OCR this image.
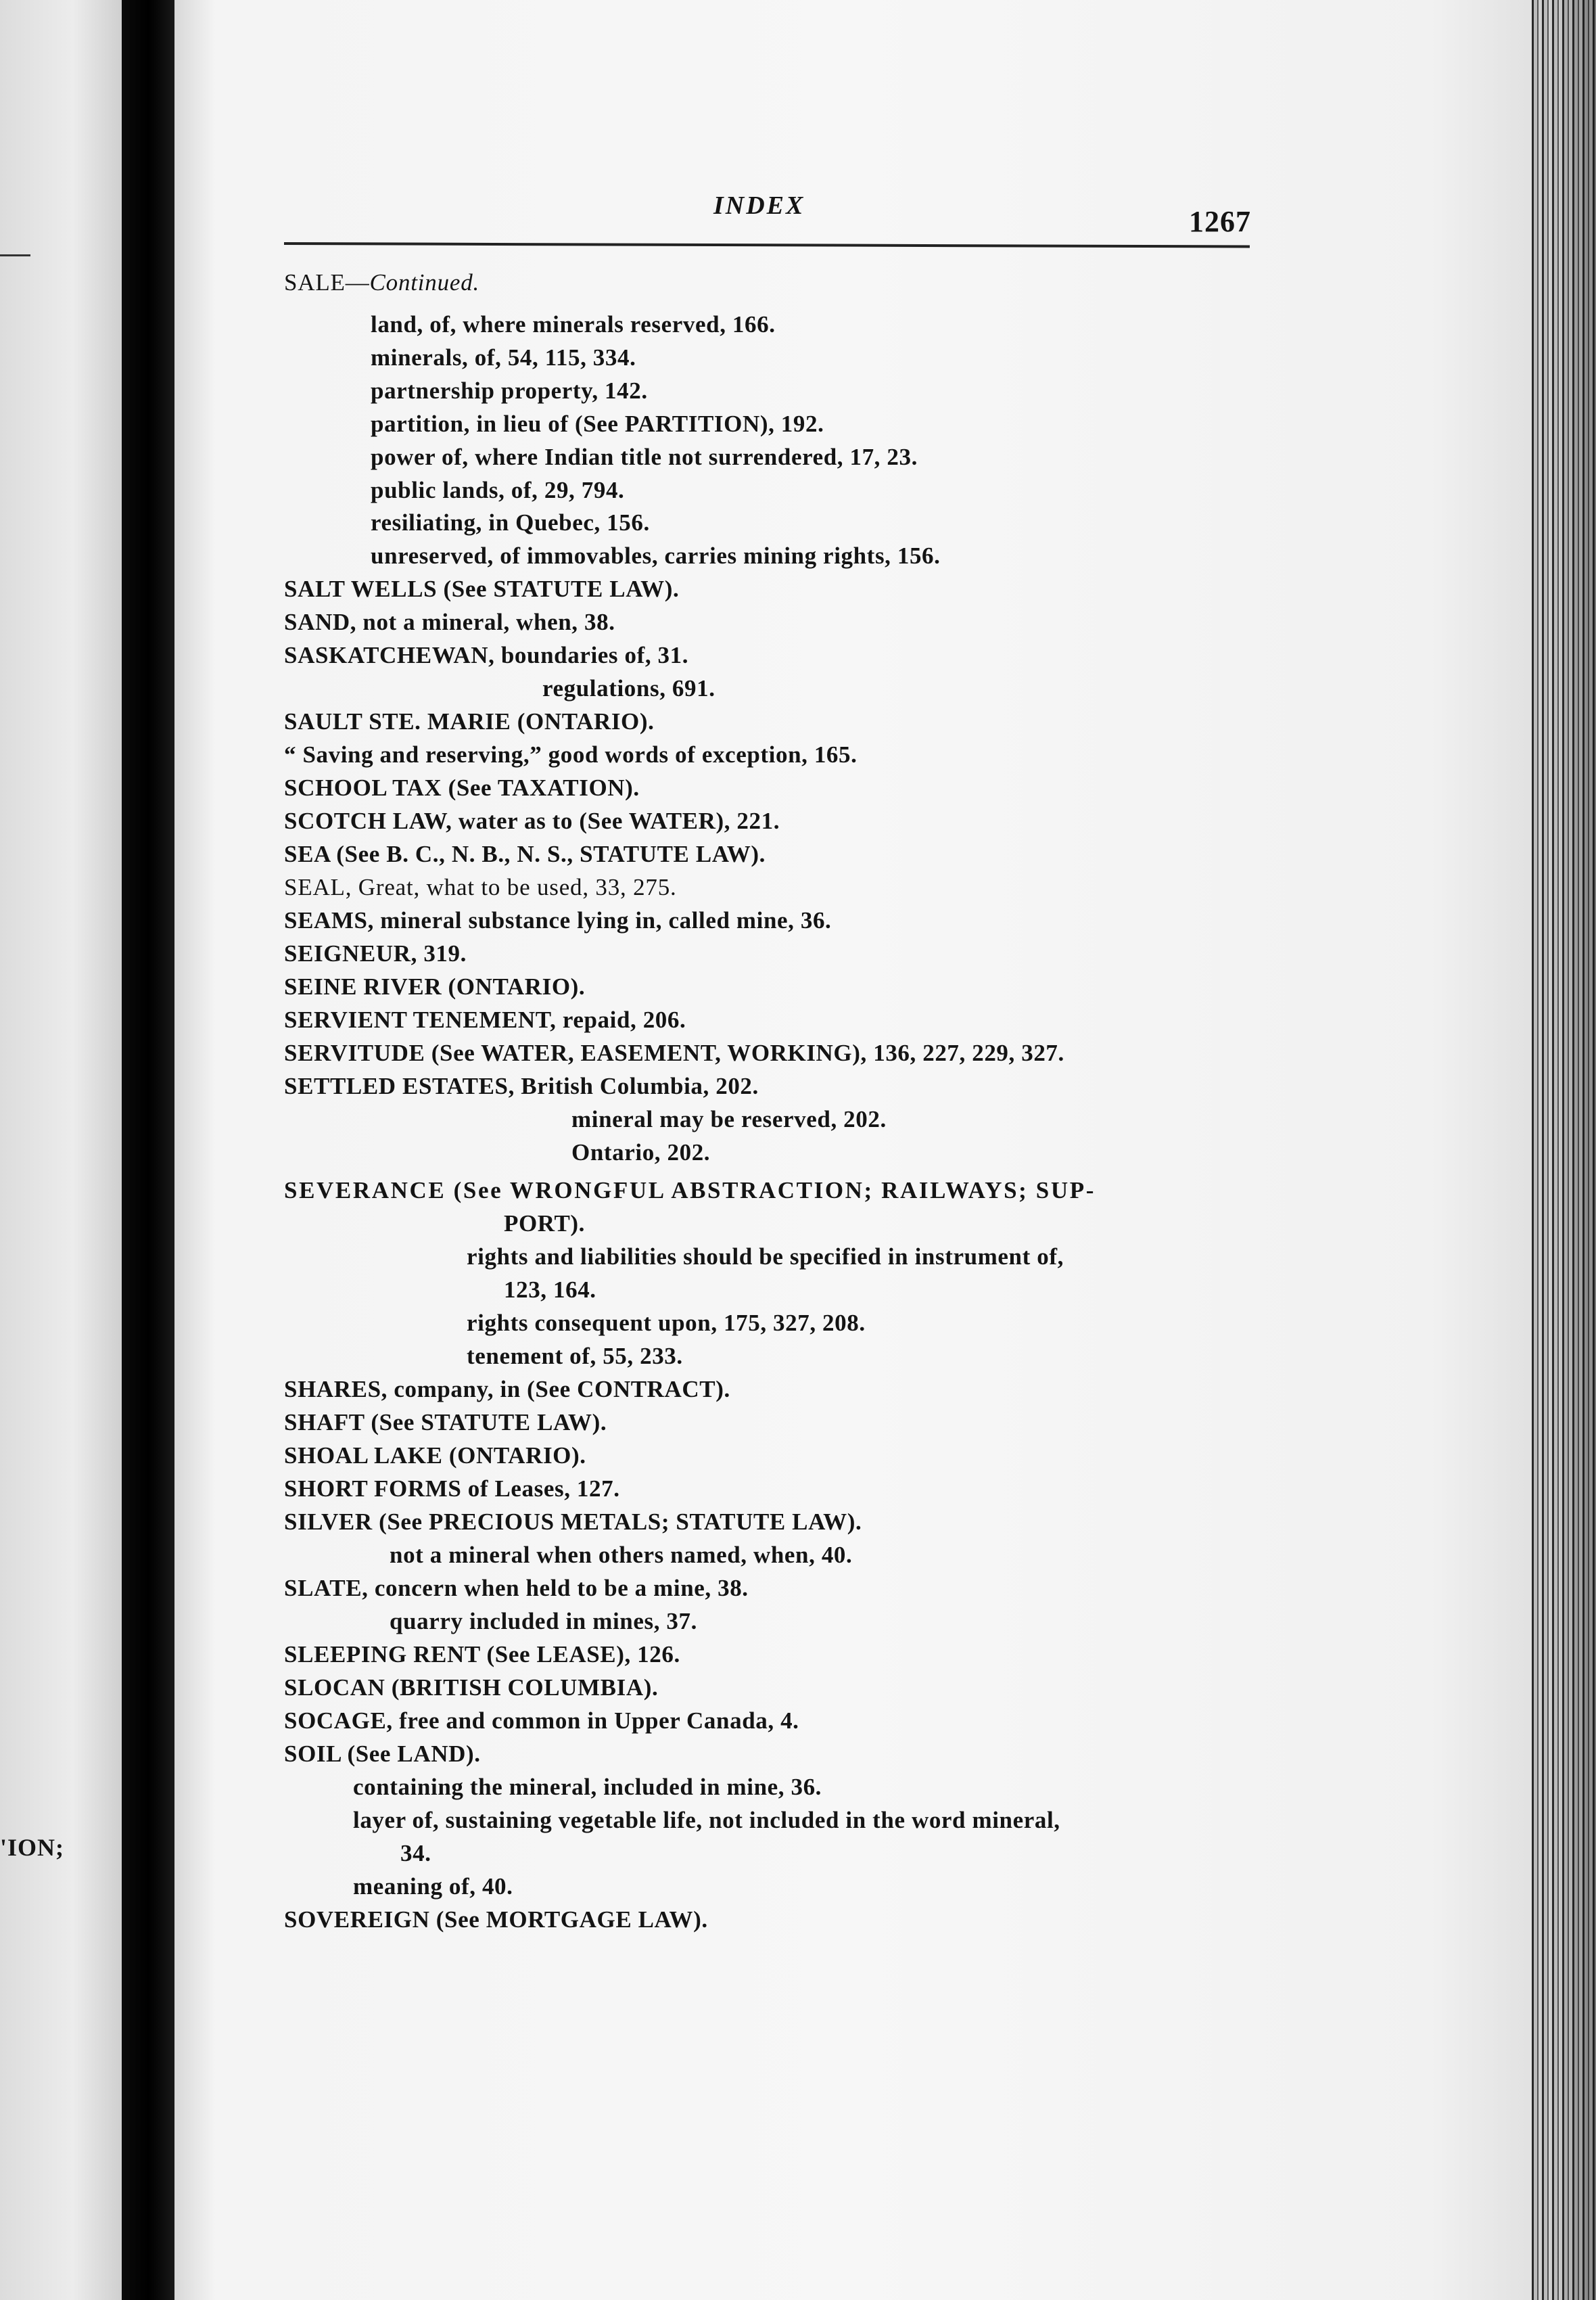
'ION;
INDEX	1267
SALE—Continued.
land, of, where minerals reserved, 166.
minerals, of, 54, 115, 334.
partnership property, 142.
partition, in lieu of (See PARTITION), 192.
power of, where Indian title not surrendered, 17, 23.
public lands, of, 29, 794.
resiliating, in Quebec, 156.
unreserved, of immovables, carries mining rights, 156.
SALT WELLS (See STATUTE LAW).
SAND, not a mineral, when, 38.
SASKATCHEWAN, boundaries of, 31.
regulations, 691.
SAULT STE. MARIE (ONTARIO).
“ Saving and reserving,” good words of exception, 165.
SCHOOL TAX (See TAXATION).
SCOTCH LAW, water as to (See WATER), 221.
SEA (See B. C., N. B., N. S., STATUTE LAW).
SEAL, Great, what to be used, 33, 275.
SEAMS, mineral substance lying in, called mine, 36.
SEIGNEUR, 319.
SEINE RIVER (ONTARIO).
SERVIENT TENEMENT, repaid, 206.
SERVITUDE (See WATER, EASEMENT, WORKING), 136, 227, 229, 327.
SETTLED ESTATES, British Columbia, 202.
mineral may be reserved, 202.
Ontario, 202.
SEVERANCE (See WRONGFUL ABSTRACTION; RAILWAYS; SUP-
PORT).
rights and liabilities should be specified in instrument of,
123, 164.
rights consequent upon, 175, 327, 208.
tenement of, 55, 233.
SHARES, company, in (See CONTRACT).
SHAFT (See STATUTE LAW).
SHOAL LAKE (ONTARIO).
SHORT FORMS of Leases, 127.
SILVER (See PRECIOUS METALS; STATUTE LAW).
not a mineral when others named, when, 40.
SLATE, concern when held to be a mine, 38.
quarry included in mines, 37.
SLEEPING RENT (See LEASE), 126.
SLOCAN (BRITISH COLUMBIA).
SOCAGE, free and common in Upper Canada, 4.
SOIL (See LAND).
containing the mineral, included in mine, 36.
layer of, sustaining vegetable life, not included in the word mineral,
34.
meaning of, 40.
SOVEREIGN (See MORTGAGE LAW).
